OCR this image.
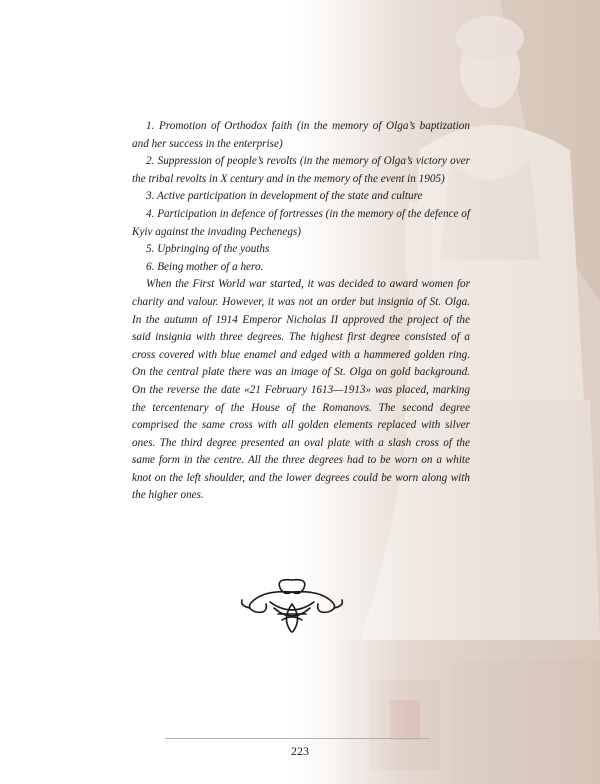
1. Promotion of Orthodox faith (in the memory of Olga’s baptization and her success in the enterprise)

2. Suppression of people’s revolts (in the memory of Olga’s victory over the tribal revolts in X century and in the memory of the event in 1905)

3. Active participation in development of the state and culture

4. Participation in defence of fortresses (in the memory of the defence of Kyiv against the invading Pechenegs)

5. Upbringing of the youths

6. Being mother of a hero.

When the First World war started, it was decided to award women for charity and valour. However, it was not an order but insignia of St. Olga. In the autumn of 1914 Emperor Nicholas II approved the project of the said insignia with three degrees. The highest first degree consisted of a cross covered with blue enamel and edged with a hammered golden ring. On the central plate there was an image of St. Olga on gold background. On the reverse the date «21 February 1613—1913» was placed, marking the tercentenary of the House of the Romanovs. The second degree comprised the same cross with all golden elements replaced with silver ones. The third degree presented an oval plate with a slash cross of the same form in the centre. All the three degrees had to be worn on a white knot on the left shoulder, and the lower degrees could be worn along with the higher ones.

223
